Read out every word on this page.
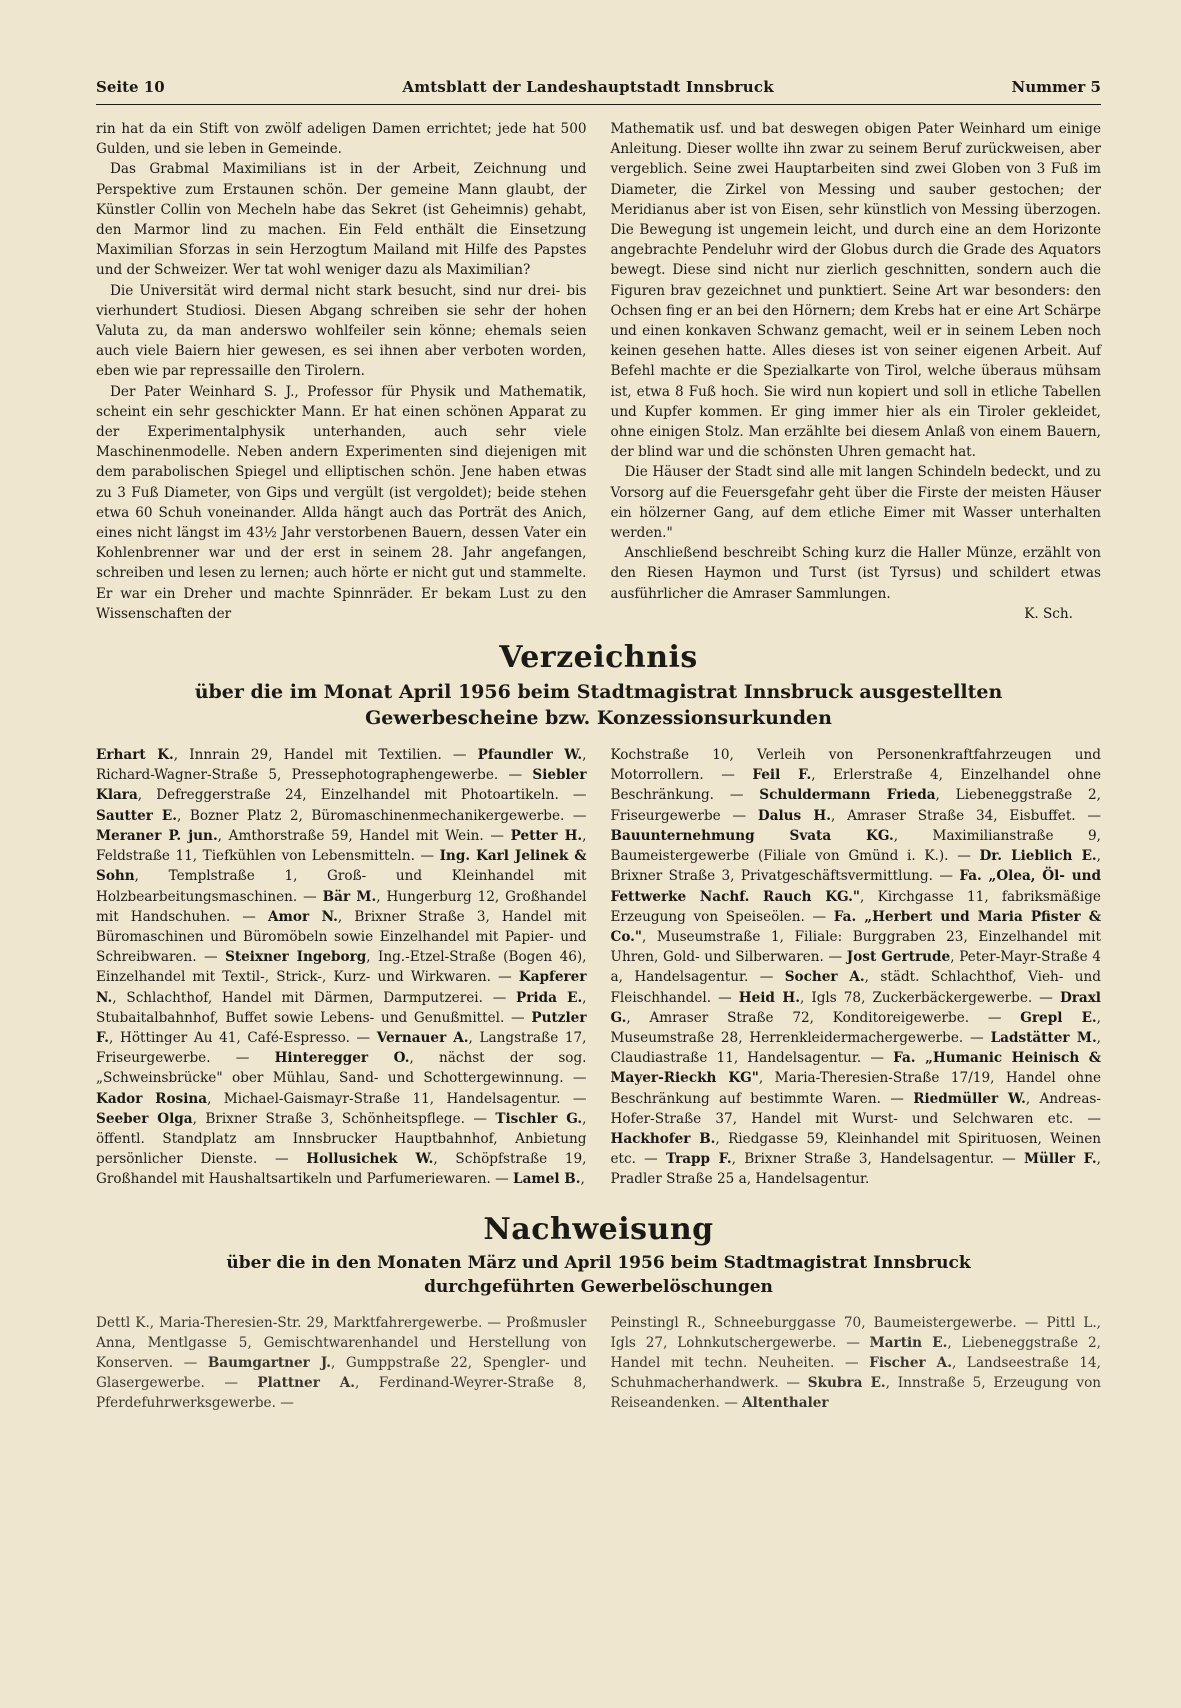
Seite 10	Amtsblatt der Landeshauptstadt Innsbruck	Nummer 5

rin hat da ein Stift von zwölf adeligen Damen errichtet; jede hat 500 Gulden, und sie leben in Gemeinde.

Das Grabmal Maximilians ist in der Arbeit, Zeichnung und Perspektive zum Erstaunen schön. Der gemeine Mann glaubt, der Künstler Collin von Mecheln habe das Sekret (ist Geheimnis) gehabt, den Marmor lind zu machen. Ein Feld enthält die Einsetzung Maximilian Sforzas in sein Herzogtum Mailand mit Hilfe des Papstes und der Schweizer. Wer tat wohl weniger dazu als Maximilian?

Die Universität wird dermal nicht stark besucht, sind nur drei- bis vierhundert Studiosi. Diesen Abgang schreiben sie sehr der hohen Valuta zu, da man anderswo wohlfeiler sein könne; ehemals seien auch viele Baiern hier gewesen, es sei ihnen aber verboten worden, eben wie par repressaille den Tirolern.

Der Pater Weinhard S. J., Professor für Physik und Mathematik, scheint ein sehr geschickter Mann. Er hat einen schönen Apparat zu der Experimentalphysik unterhanden, auch sehr viele Maschinenmodelle. Neben andern Experimenten sind diejenigen mit dem parabolischen Spiegel und elliptischen schön. Jene haben etwas zu 3 Fuß Diameter, von Gips und vergült (ist vergoldet); beide stehen etwa 60 Schuh voneinander. Allda hängt auch das Porträt des Anich, eines nicht längst im 43½ Jahr verstorbenen Bauern, dessen Vater ein Kohlenbrenner war und der erst in seinem 28. Jahr angefangen, schreiben und lesen zu lernen; auch hörte er nicht gut und stammelte. Er war ein Dreher und machte Spinnräder. Er bekam Lust zu den Wissenschaften der

Mathematik usf. und bat deswegen obigen Pater Weinhard um einige Anleitung. Dieser wollte ihn zwar zu seinem Beruf zurückweisen, aber vergeblich. Seine zwei Hauptarbeiten sind zwei Globen von 3 Fuß im Diameter, die Zirkel von Messing und sauber gestochen; der Meridianus aber ist von Eisen, sehr künstlich von Messing überzogen. Die Bewegung ist ungemein leicht, und durch eine an dem Horizonte angebrachte Pendeluhr wird der Globus durch die Grade des Aquators bewegt. Diese sind nicht nur zierlich geschnitten, sondern auch die Figuren brav gezeichnet und punktiert. Seine Art war besonders: den Ochsen fing er an bei den Hörnern; dem Krebs hat er eine Art Schärpe und einen konkaven Schwanz gemacht, weil er in seinem Leben noch keinen gesehen hatte. Alles dieses ist von seiner eigenen Arbeit. Auf Befehl machte er die Spezialkarte von Tirol, welche überaus mühsam ist, etwa 8 Fuß hoch. Sie wird nun kopiert und soll in etliche Tabellen und Kupfer kommen. Er ging immer hier als ein Tiroler gekleidet, ohne einigen Stolz. Man erzählte bei diesem Anlaß von einem Bauern, der blind war und die schönsten Uhren gemacht hat.

Die Häuser der Stadt sind alle mit langen Schindeln bedeckt, und zu Vorsorg auf die Feuersgefahr geht über die Firste der meisten Häuser ein hölzerner Gang, auf dem etliche Eimer mit Wasser unterhalten werden."

Anschließend beschreibt Sching kurz die Haller Münze, erzählt von den Riesen Haymon und Turst (ist Tyrsus) und schildert etwas ausführlicher die Amraser Sammlungen.

K. Sch.

Verzeichnis

über die im Monat April 1956 beim Stadtmagistrat Innsbruck ausgestellten

Gewerbescheine bzw. Konzessionsurkunden

Erhart K., Innrain 29, Handel mit Textilien. — Pfaundler W., Richard-Wagner-Straße 5, Pressephotographengewerbe. — Siebler Klara, Defreggerstraße 24, Einzelhandel mit Photoartikeln. — Sautter E., Bozner Platz 2, Büromaschinenmechanikergewerbe. — Meraner P. jun., Amthorstraße 59, Handel mit Wein. — Petter H., Feldstraße 11, Tiefkühlen von Lebensmitteln. — Ing. Karl Jelinek & Sohn, Templstraße 1, Groß- und Kleinhandel mit Holzbearbeitungsmaschinen. — Bär M., Hungerburg 12, Großhandel mit Handschuhen. — Amor N., Brixner Straße 3, Handel mit Büromaschinen und Büromöbeln sowie Einzelhandel mit Papier- und Schreibwaren. — Steixner Ingeborg, Ing.-Etzel-Straße (Bogen 46), Einzelhandel mit Textil-, Strick-, Kurz- und Wirkwaren. — Kapferer N., Schlachthof, Handel mit Därmen, Darmputzerei. — Prida E., Stubaitalbahnhof, Buffet sowie Lebens- und Genußmittel. — Putzler F., Höttinger Au 41, Café-Espresso. — Vernauer A., Langstraße 17, Friseurgewerbe. — Hinteregger O., nächst der sog. „Schweinsbrücke" ober Mühlau, Sand- und Schottergewinnung. — Kador Rosina, Michael-Gaismayr-Straße 11, Handelsagentur. — Seeber Olga, Brixner Straße 3, Schönheitspflege. — Tischler G., öffentl. Standplatz am Innsbrucker Hauptbahnhof, Anbietung persönlicher Dienste. — Hollusichek W., Schöpfstraße 19, Großhandel mit Haushaltsartikeln und Parfumeriewaren. — Lamel B.,
Kochstraße 10, Verleih von Personenkraftfahrzeugen und Motorrollern. — Feil F., Erlerstraße 4, Einzelhandel ohne Beschränkung. — Schuldermann Frieda, Liebeneggstraße 2, Friseurgewerbe — Dalus H., Amraser Straße 34, Eisbuffet. — Bauunternehmung Svata KG., Maximilianstraße 9, Baumeistergewerbe (Filiale von Gmünd i. K.). — Dr. Lieblich E., Brixner Straße 3, Privatgeschäftsvermittlung. — Fa. „Olea, Öl- und Fettwerke Nachf. Rauch KG.", Kirchgasse 11, fabriksmäßige Erzeugung von Speiseölen. — Fa. „Herbert und Maria Pfister & Co.", Museumstraße 1, Filiale: Burggraben 23, Einzelhandel mit Uhren, Gold- und Silberwaren. — Jost Gertrude, Peter-Mayr-Straße 4 a, Handelsagentur. — Socher A., städt. Schlachthof, Vieh- und Fleischhandel. — Heid H., Igls 78, Zuckerbäckergewerbe. — Draxl G., Amraser Straße 72, Konditoreigewerbe. — Grepl E., Museumstraße 28, Herrenkleidermachergewerbe. — Ladstätter M., Claudiastraße 11, Handelsagentur. — Fa. „Humanic Heinisch & Mayer-Rieckh KG", Maria-Theresien-Straße 17/19, Handel ohne Beschränkung auf bestimmte Waren. — Riedmüller W., Andreas-Hofer-Straße 37, Handel mit Wurst- und Selchwaren etc. — Hackhofer B., Riedgasse 59, Kleinhandel mit Spirituosen, Weinen etc. — Trapp F., Brixner Straße 3, Handelsagentur. — Müller F., Pradler Straße 25 a, Handelsagentur.
Nachweisung

über die in den Monaten März und April 1956 beim Stadtmagistrat Innsbruck

durchgeführten Gewerbelöschungen

Dettl K., Maria-Theresien-Str. 29, Marktfahrergewerbe. — Proßmusler Anna, Mentlgasse 5, Gemischtwarenhandel und Herstellung von Konserven. — Baumgartner J., Gumppstraße 22, Spengler- und Glasergewerbe. — Plattner A., Ferdinand-Weyrer-Straße 8, Pferdefuhrwerksgewerbe. —
Peinstingl R., Schneeburggasse 70, Baumeistergewerbe. — Pittl L., Igls 27, Lohnkutschergewerbe. — Martin E., Liebeneggstraße 2, Handel mit techn. Neuheiten. — Fischer A., Landseestraße 14, Schuhmacherhandwerk. — Skubra E., Innstraße 5, Erzeugung von Reiseandenken. — Altenthaler
